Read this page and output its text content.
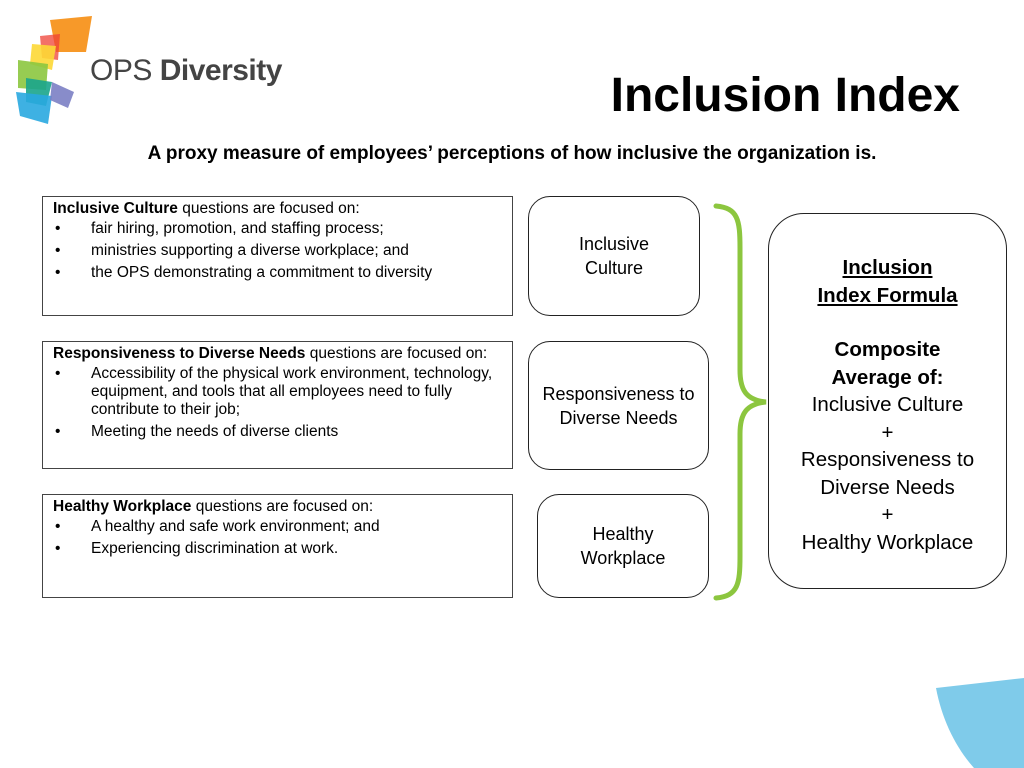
OPS Diversity	Inclusion Index
A proxy measure of employees’ perceptions of how inclusive the organization is.

Inclusive Culture questions are focused on:

• fair hiring, promotion, and staffing process;
• ministries supporting a diverse workplace; and
• the OPS demonstrating a commitment to diversity

Responsiveness to Diverse Needs questions are focused on:

• Accessibility of the physical work environment, technology, equipment, and tools that all employees need to fully contribute to their job;
• Meeting the needs of diverse clients

Healthy Workplace questions are focused on:

• A healthy and safe work environment; and
• Experiencing discrimination at work.
Inclusive Culture
Responsiveness to Diverse Needs
Healthy Workplace
Inclusion
Index Formula
Composite
Average of:
Inclusive Culture
+
Responsiveness to
Diverse Needs
+
Healthy Workplace
